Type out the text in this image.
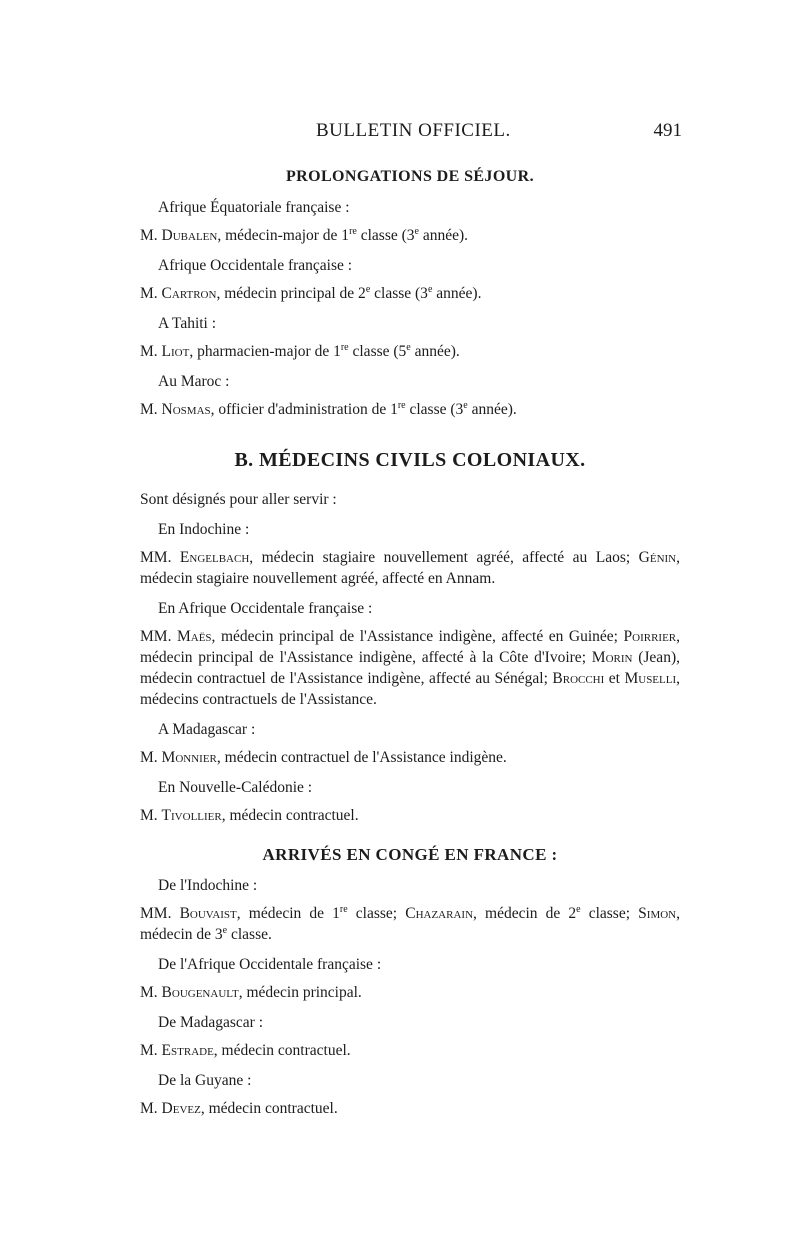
BULLETIN OFFICIEL.	491
PROLONGATIONS DE SÉJOUR.
Afrique Équatoriale française :
M. Dubalen, médecin-major de 1re classe (3e année).
Afrique Occidentale française :
M. Cartron, médecin principal de 2e classe (3e année).
A Tahiti :
M. Liot, pharmacien-major de 1re classe (5e année).
Au Maroc :
M. Nosmas, officier d'administration de 1re classe (3e année).
B. MÉDECINS CIVILS COLONIAUX.
Sont désignés pour aller servir :
En Indochine :
MM. Engelbach, médecin stagiaire nouvellement agréé, affecté au Laos; Génin, médecin stagiaire nouvellement agréé, affecté en Annam.
En Afrique Occidentale française :
MM. Maës, médecin principal de l'Assistance indigène, affecté en Guinée; Poirrier, médecin principal de l'Assistance indigène, affecté à la Côte d'Ivoire; Morin (Jean), médecin contractuel de l'Assistance indigène, affecté au Sénégal; Brocchi et Muselli, médecins contractuels de l'Assistance.
A Madagascar :
M. Monnier, médecin contractuel de l'Assistance indigène.
En Nouvelle-Calédonie :
M. Tivollier, médecin contractuel.
ARRIVÉS EN CONGÉ EN FRANCE :
De l'Indochine :
MM. Bouvaist, médecin de 1re classe; Chazarain, médecin de 2e classe; Simon, médecin de 3e classe.
De l'Afrique Occidentale française :
M. Bougenault, médecin principal.
De Madagascar :
M. Estrade, médecin contractuel.
De la Guyane :
M. Devez, médecin contractuel.
